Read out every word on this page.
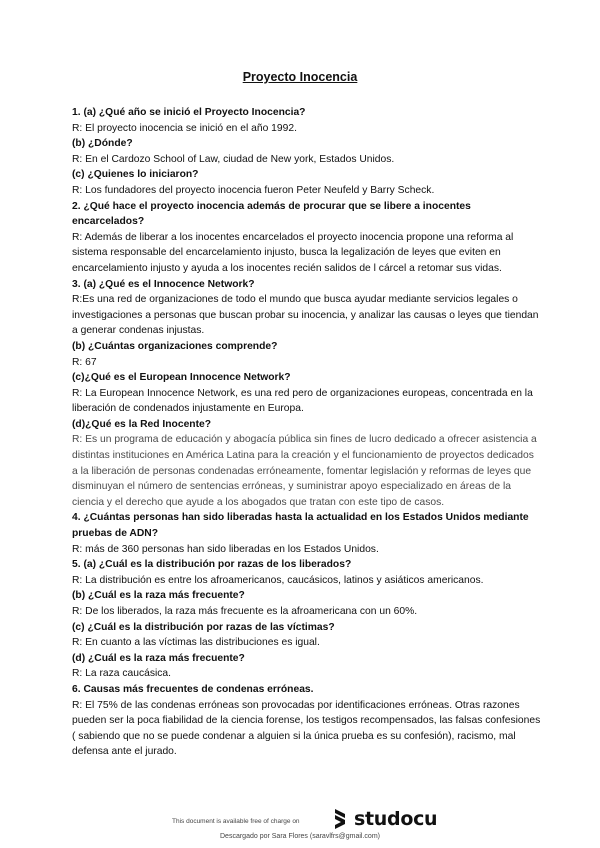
Proyecto Inocencia

1. (a) ¿Qué año se inició el Proyecto Inocencia?

R: El proyecto inocencia se inició en el año 1992.

(b) ¿Dónde?

R: En el Cardozo School of Law, ciudad de New york, Estados Unidos.

(c) ¿Quienes lo iniciaron?

R: Los fundadores del proyecto inocencia fueron Peter Neufeld y Barry Scheck.

2. ¿Qué hace el proyecto inocencia además de procurar que se libere a inocentes encarcelados?

R: Además de liberar a los inocentes encarcelados el proyecto inocencia propone una reforma al sistema responsable del encarcelamiento injusto, busca la legalización de leyes que eviten en encarcelamiento injusto y ayuda a los inocentes recién salidos de l cárcel a retomar sus vidas.

3. (a) ¿Qué es el Innocence Network?

R:Es una red de organizaciones de todo el mundo que busca ayudar mediante servicios legales o investigaciones a personas que buscan probar su inocencia, y analizar las causas o leyes que tiendan a generar condenas injustas.

(b) ¿Cuántas organizaciones comprende?

R: 67

(c)¿Qué es el European Innocence Network?

R: La European Innocence Network, es una red pero de organizaciones europeas, concentrada en la liberación de condenados injustamente en Europa.

(d)¿Qué es la Red Inocente?

R: Es un programa de educación y abogacía pública sin fines de lucro dedicado a ofrecer asistencia a distintas instituciones en América Latina para la creación y el funcionamiento de proyectos dedicados a la liberación de personas condenadas erróneamente, fomentar legislación y reformas de leyes que disminuyan el número de sentencias erróneas, y suministrar apoyo especializado en áreas de la ciencia y el derecho que ayude a los abogados que tratan con este tipo de casos.

4. ¿Cuántas personas han sido liberadas hasta la actualidad en los Estados Unidos mediante pruebas de ADN?

R: más de 360 personas han sido liberadas en los Estados Unidos.

5. (a) ¿Cuál es la distribución por razas de los liberados?

R: La distribución es entre los afroamericanos, caucásicos, latinos y asiáticos americanos.

(b) ¿Cuál es la raza más frecuente?

R: De los liberados, la raza más frecuente es la afroamericana con un 60%.

(c) ¿Cuál es la distribución por razas de las víctimas?

R: En cuanto a las víctimas las distribuciones es igual.

(d) ¿Cuál es la raza más frecuente?

R: La raza caucásica.

6. Causas más frecuentes de condenas erróneas.

R: El 75% de las condenas erróneas son provocadas por identificaciones erróneas. Otras razones pueden ser la poca fiabilidad de la ciencia forense, los testigos recompensados, las falsas confesiones ( sabiendo que no se puede condenar a alguien si la única prueba es su confesión), racismo, mal defensa ante el jurado.

This document is available free of charge on	studocu
Descargado por Sara Flores (saravlfrs@gmail.com)
